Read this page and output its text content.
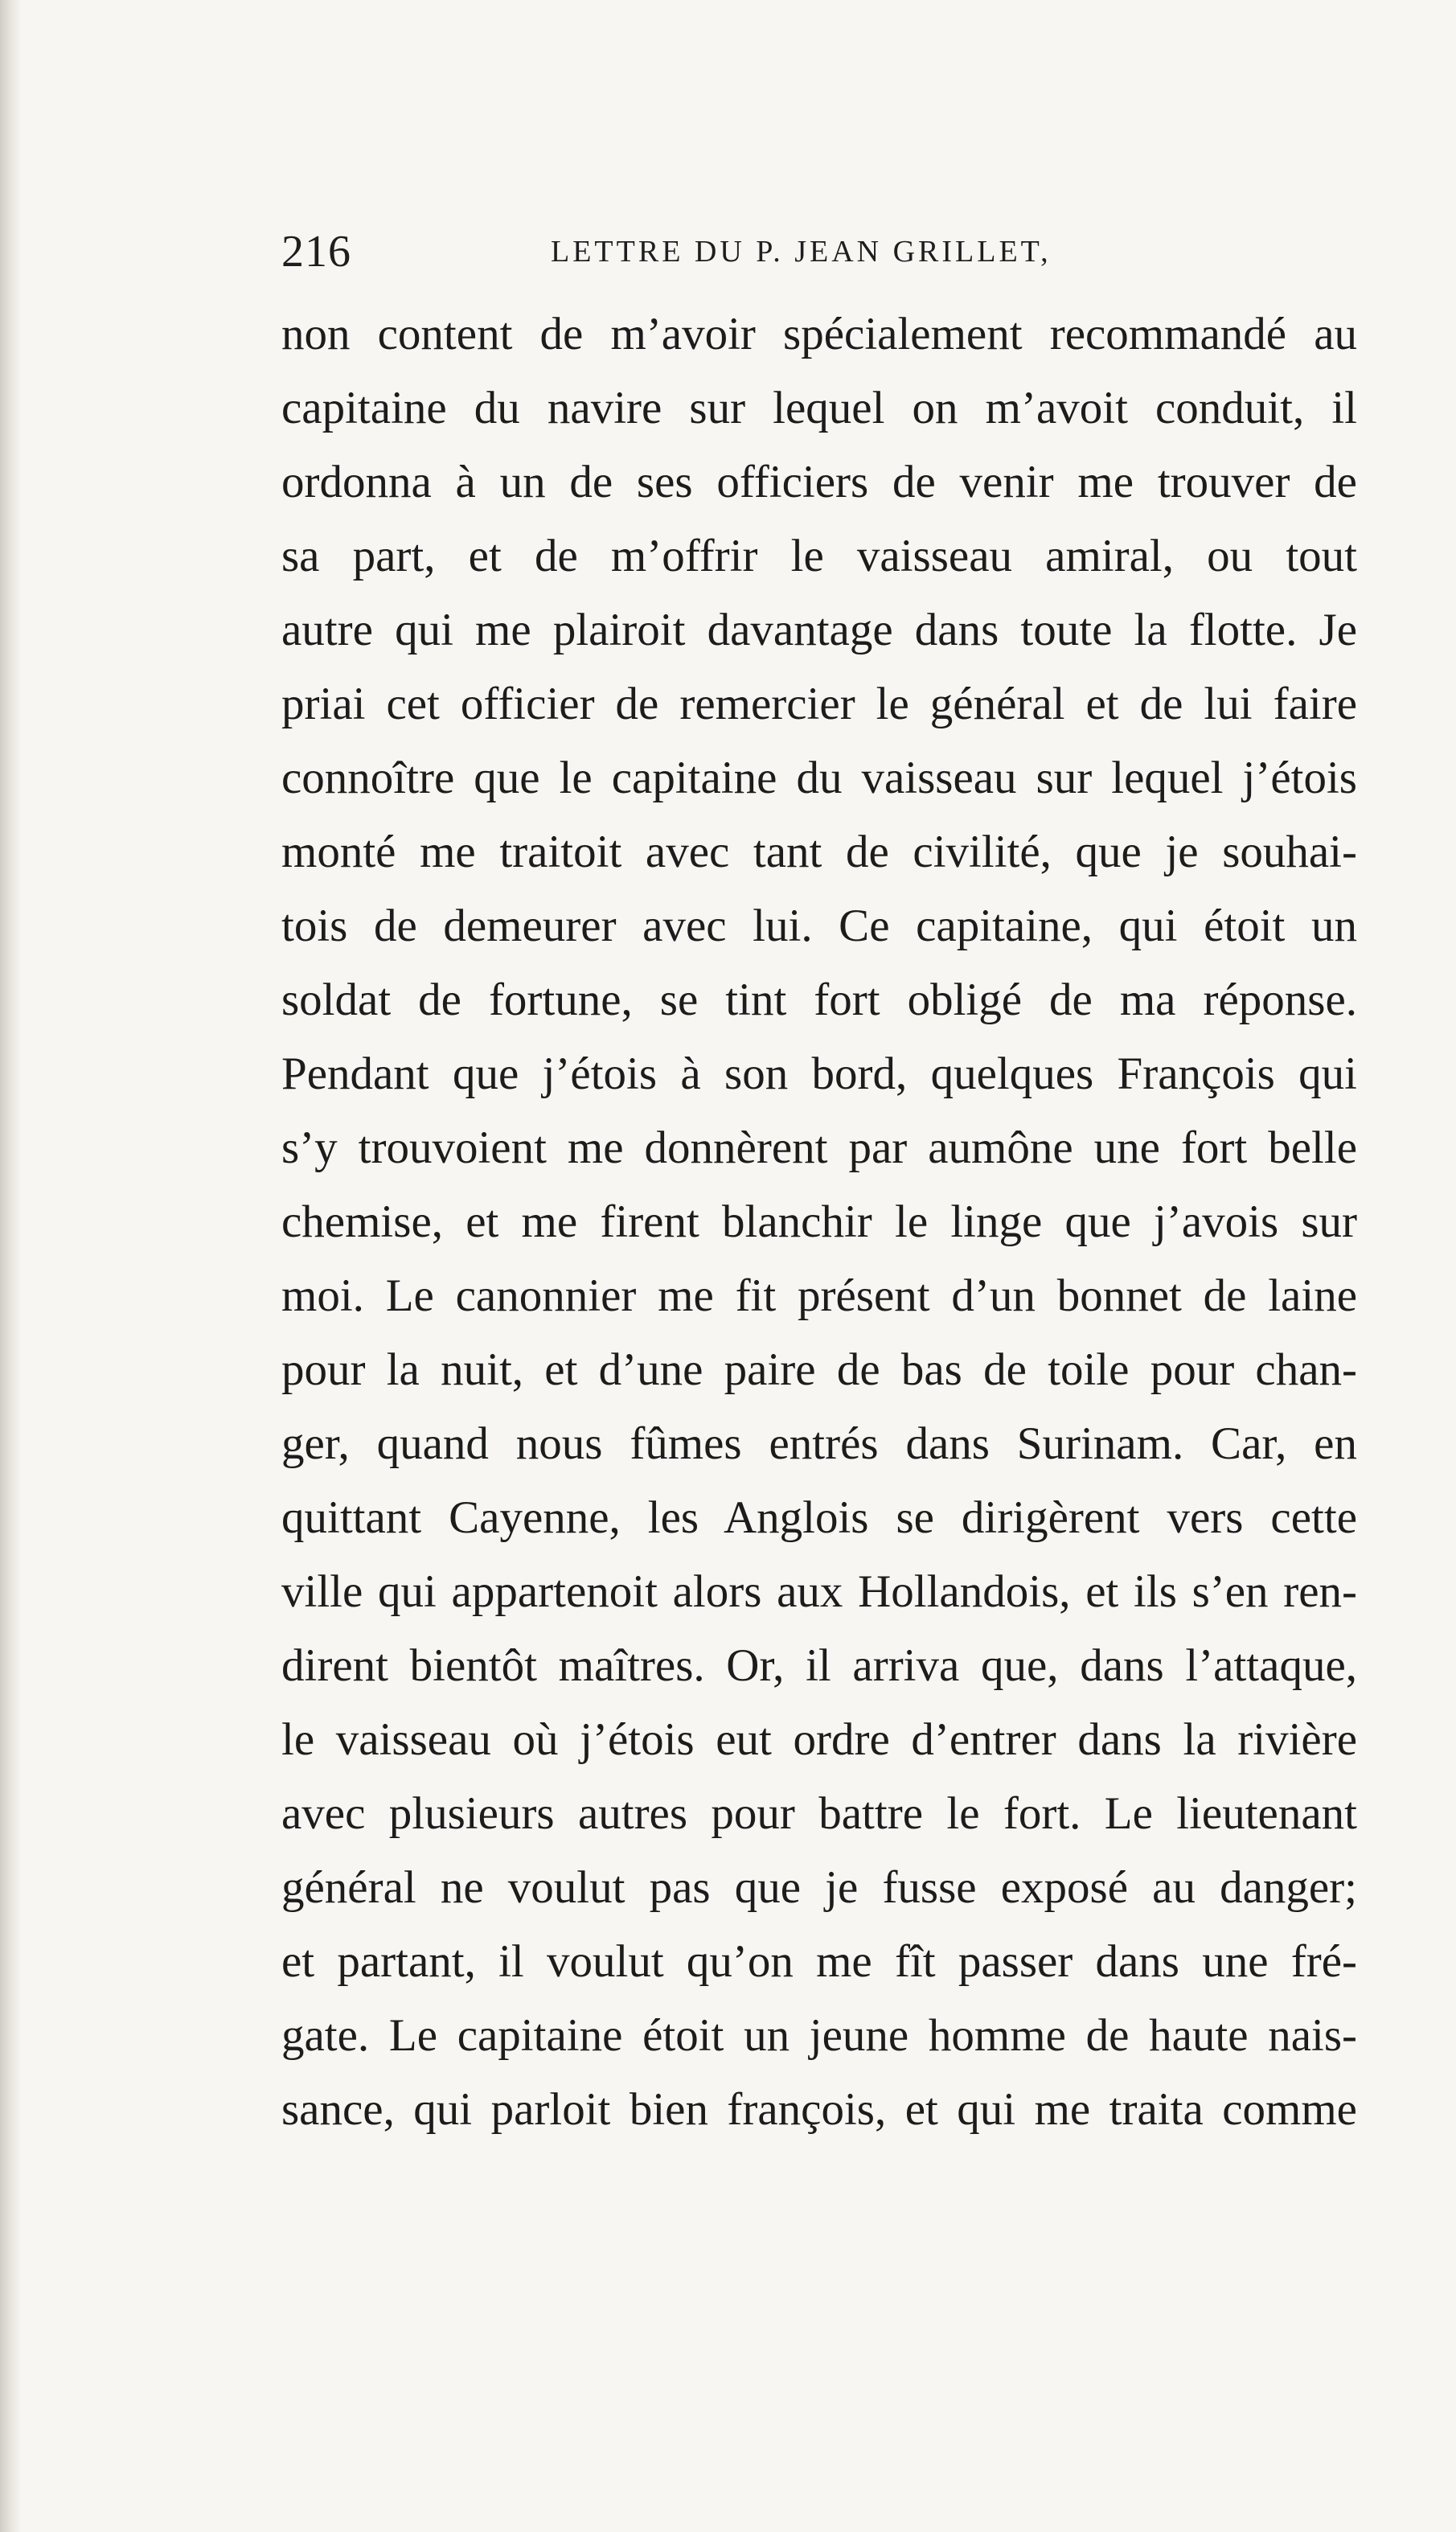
216	LETTRE DU P. JEAN GRILLET,
non content de m’avoir spécialement recommandé au
capitaine du navire sur lequel on m’avoit conduit, il
ordonna à un de ses officiers de venir me trouver de
sa part, et de m’offrir le vaisseau amiral, ou tout
autre qui me plairoit davantage dans toute la flotte. Je
priai cet officier de remercier le général et de lui faire
connoître que le capitaine du vaisseau sur lequel j’étois
monté me traitoit avec tant de civilité, que je souhai-
tois de demeurer avec lui. Ce capitaine, qui étoit un
soldat de fortune, se tint fort obligé de ma réponse.
Pendant que j’étois à son bord, quelques François qui
s’y trouvoient me donnèrent par aumône une fort belle
chemise, et me firent blanchir le linge que j’avois sur
moi. Le canonnier me fit présent d’un bonnet de laine
pour la nuit, et d’une paire de bas de toile pour chan-
ger, quand nous fûmes entrés dans Surinam. Car, en
quittant Cayenne, les Anglois se dirigèrent vers cette
ville qui appartenoit alors aux Hollandois, et ils s’en ren-
dirent bientôt maîtres. Or, il arriva que, dans l’attaque,
le vaisseau où j’étois eut ordre d’entrer dans la rivière
avec plusieurs autres pour battre le fort. Le lieutenant
général ne voulut pas que je fusse exposé au danger;
et partant, il voulut qu’on me fît passer dans une fré-
gate. Le capitaine étoit un jeune homme de haute nais-
sance, qui parloit bien françois, et qui me traita comme
